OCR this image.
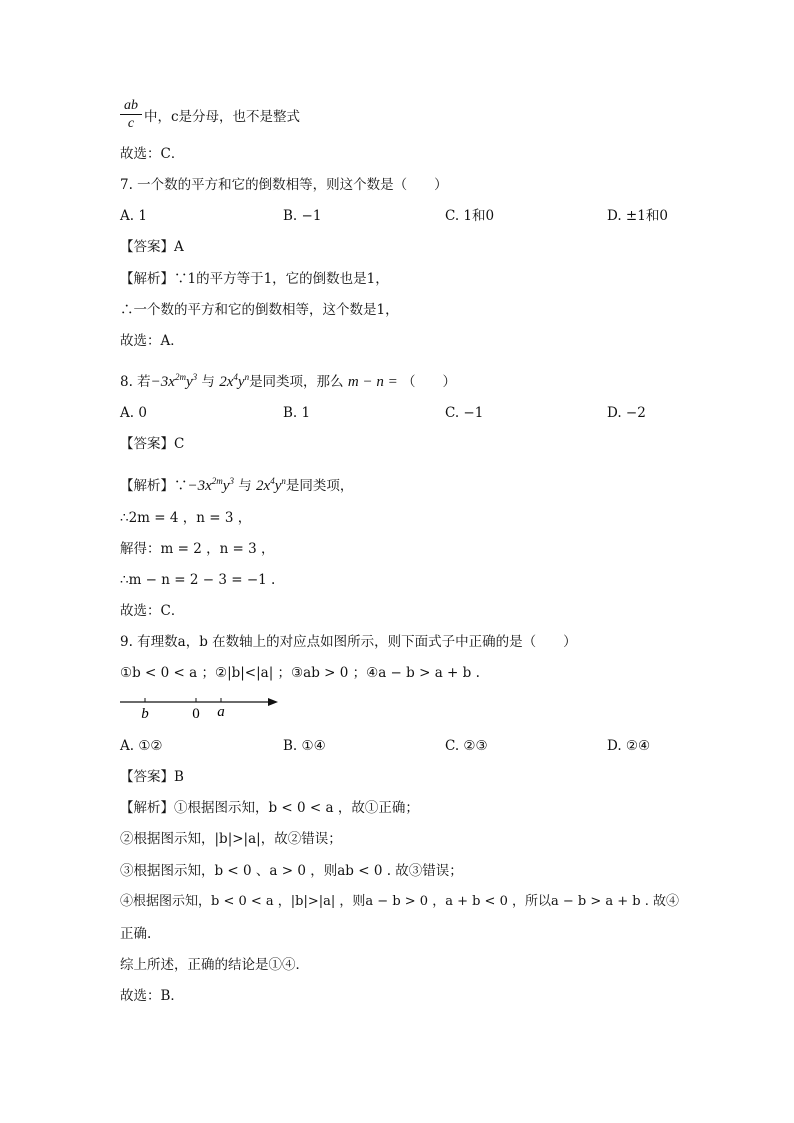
ab
c 中，c是分母，也不是整式
故选：C．
7. 一个数的平方和它的倒数相等，则这个数是（　　）
A. 1	B. −1	C. 1和0	D. ±1和0
【答案】A
【解析】∵1的平方等于1，它的倒数也是1，
∴一个数的平方和它的倒数相等，这个数是1，
故选：A．
8. 若$-3x^{2m}y^3$ 与 $2x^4y^n$是同类项，那么 m − n = （　　）
A. 0	B. 1	C. −1	D. −2
【答案】C
【解析】$\because-3x^{2m}y^3$ 与 $2x^4y^n$是同类项，
∴2m = 4 ，n = 3 ，
解得：m = 2 ，n = 3 ，
∴m − n = 2 − 3 = −1 .
故选：C．
9. 有理数a，b 在数轴上的对应点如图所示，则下面式子中正确的是（　　）
①b < 0 < a ；②|b|<|a| ；③ab > 0 ；④a − b > a + b .
b	0 a
A. ①②	B. ①④	C. ②③	D. ②④
【答案】B
【解析】①根据图示知，b < 0 < a ，故①正确；
②根据图示知，|b|>|a|，故②错误；
③根据图示知，b < 0 、a > 0 ，则ab < 0 . 故③错误；
④根据图示知，b < 0 < a ，|b|>|a| ，则a − b > 0 ，a + b < 0 ，所以a − b > a + b . 故④
正确.
综上所述，正确的结论是①④．
故选：B．
